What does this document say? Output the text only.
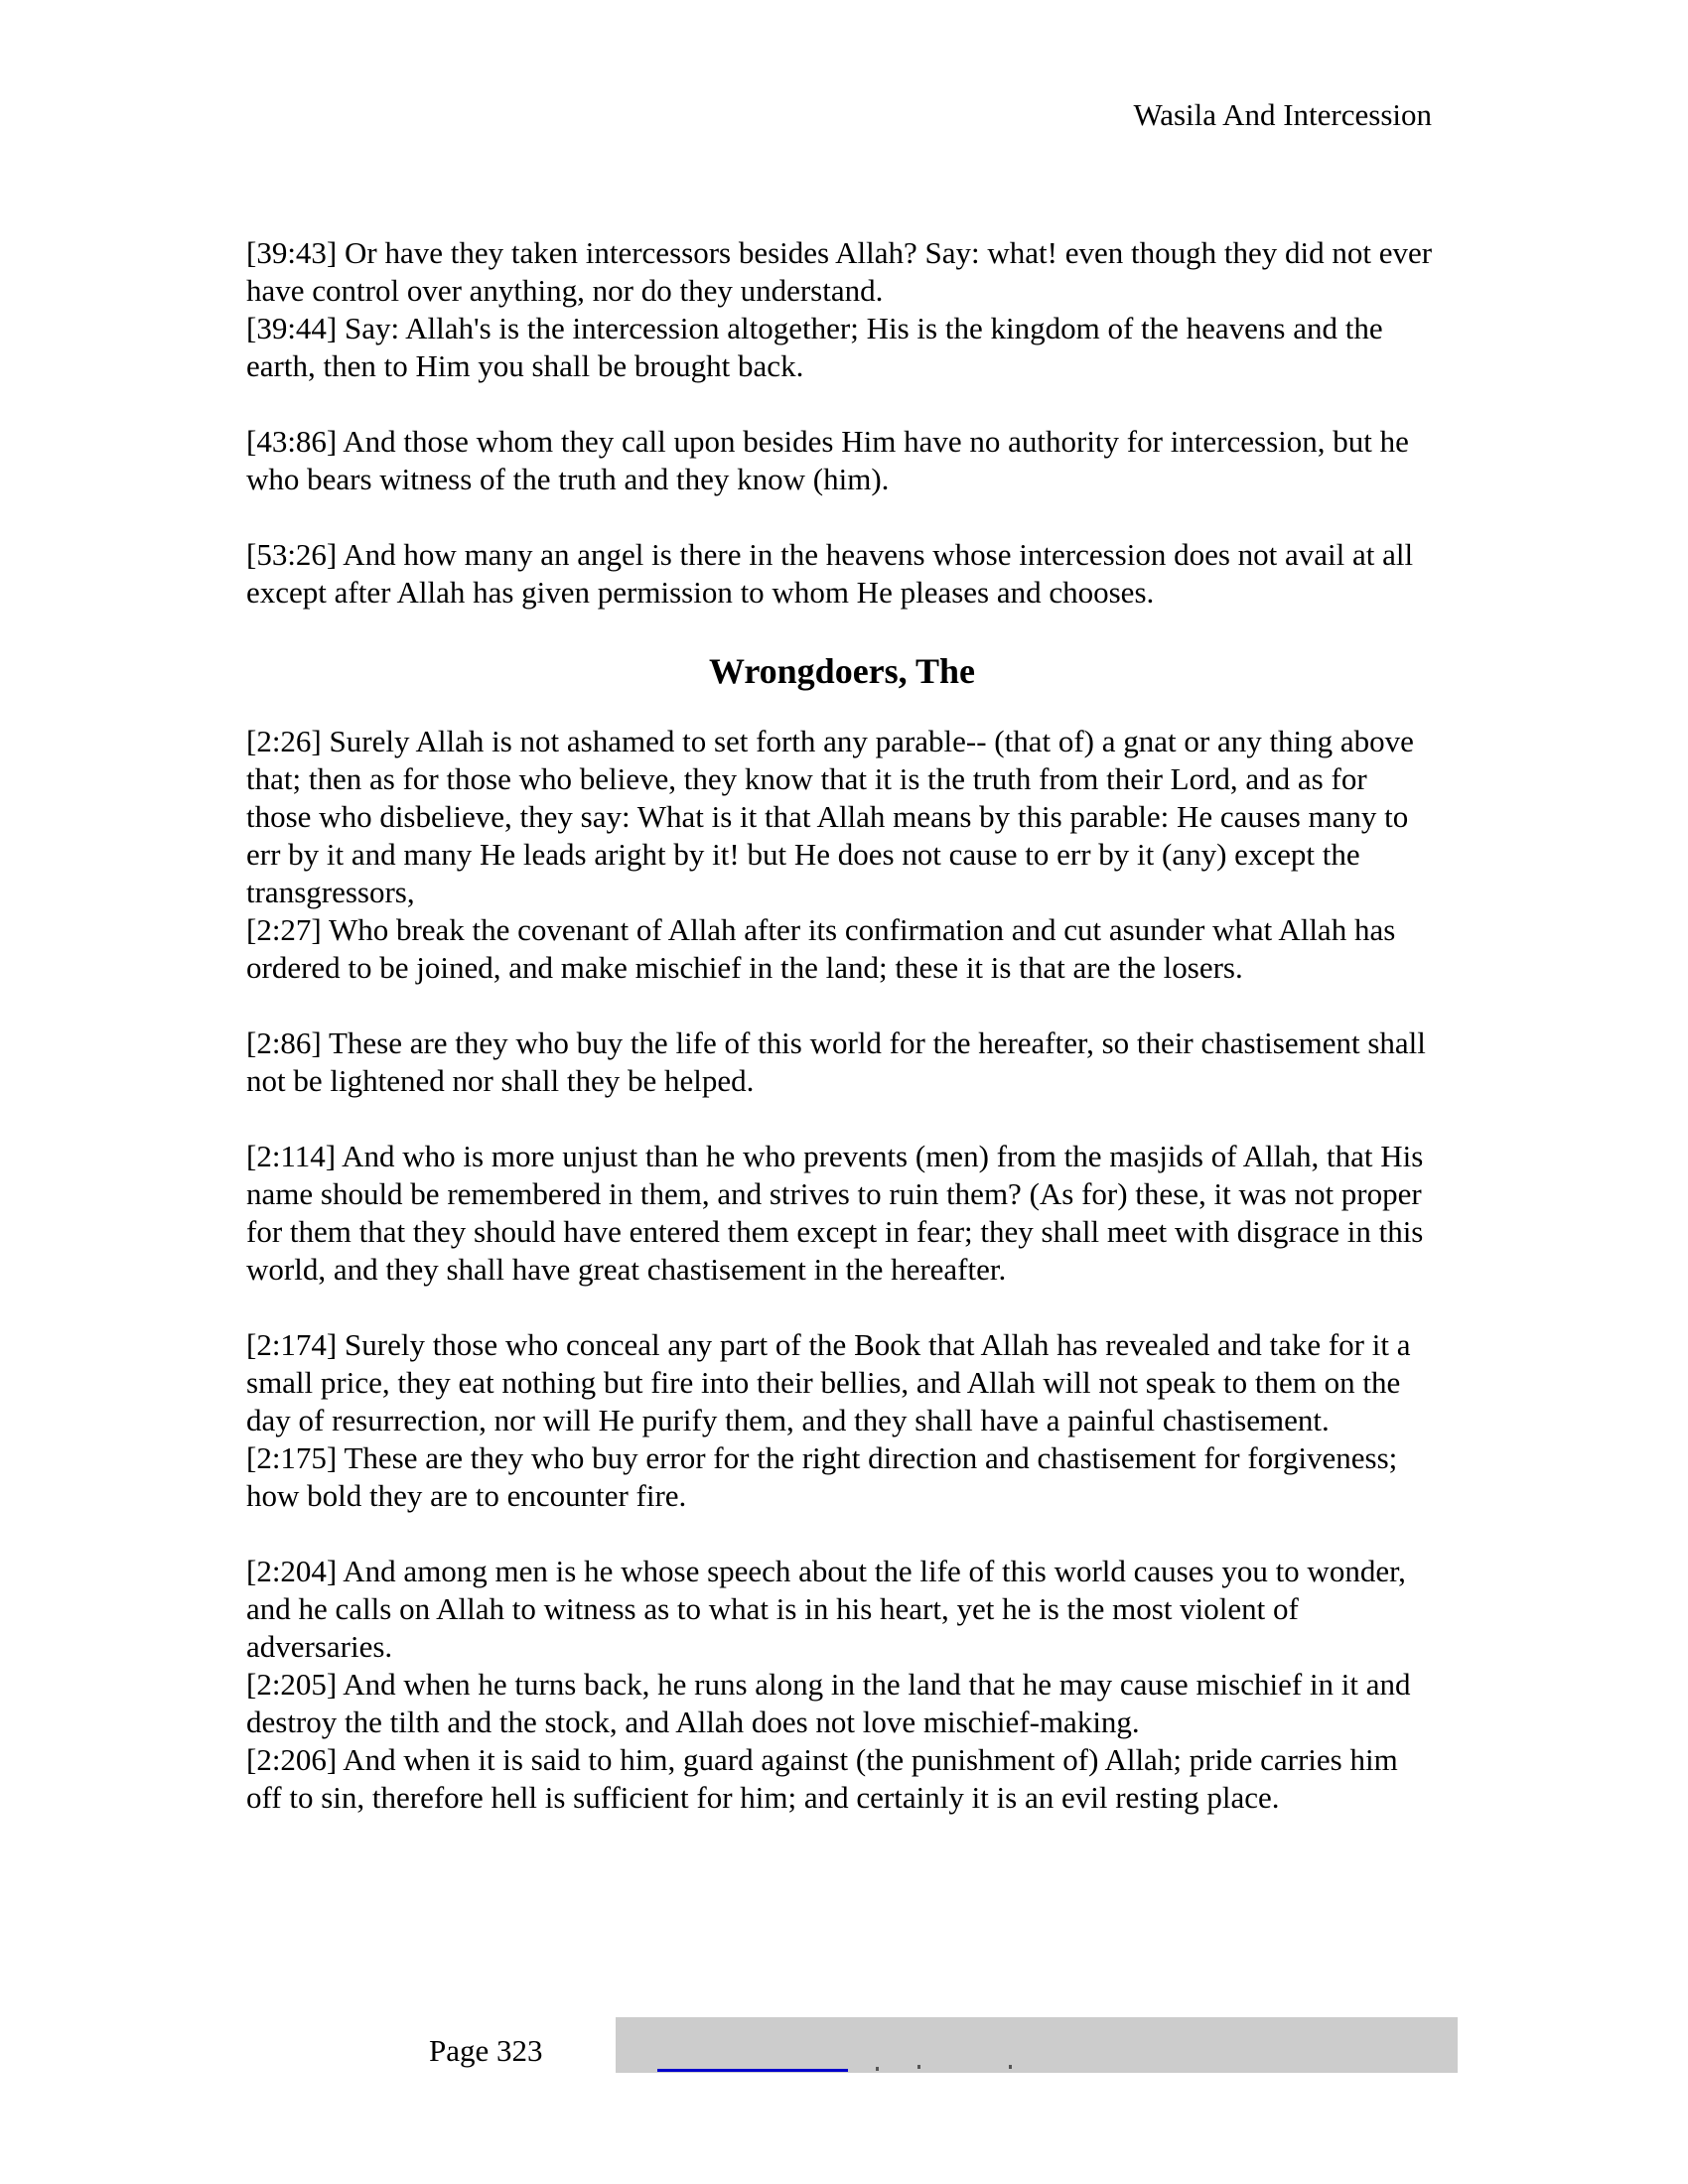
Wasila And Intercession

[39:43] Or have they taken intercessors besides Allah? Say: what! even though they did not ever have control over anything, nor do they understand.

[39:44] Say: Allah's is the intercession altogether; His is the kingdom of the heavens and the earth, then to Him you shall be brought back.

[43:86] And those whom they call upon besides Him have no authority for intercession, but he who bears witness of the truth and they know (him).

[53:26] And how many an angel is there in the heavens whose intercession does not avail at all except after Allah has given permission to whom He pleases and chooses.

Wrongdoers, The

[2:26] Surely Allah is not ashamed to set forth any parable-- (that of) a gnat or any thing above that; then as for those who believe, they know that it is the truth from their Lord, and as for those who disbelieve, they say: What is it that Allah means by this parable: He causes many to err by it and many He leads aright by it! but He does not cause to err by it (any) except the transgressors,

[2:27] Who break the covenant of Allah after its confirmation and cut asunder what Allah has ordered to be joined, and make mischief in the land; these it is that are the losers.

[2:86] These are they who buy the life of this world for the hereafter, so their chastisement shall not be lightened nor shall they be helped.

[2:114] And who is more unjust than he who prevents (men) from the masjids of Allah, that His name should be remembered in them, and strives to ruin them? (As for) these, it was not proper for them that they should have entered them except in fear; they shall meet with disgrace in this world, and they shall have great chastisement in the hereafter.

[2:174] Surely those who conceal any part of the Book that Allah has revealed and take for it a small price, they eat nothing but fire into their bellies, and Allah will not speak to them on the day of resurrection, nor will He purify them, and they shall have a painful chastisement.

[2:175] These are they who buy error for the right direction and chastisement for forgiveness; how bold they are to encounter fire.

[2:204] And among men is he whose speech about the life of this world causes you to wonder, and he calls on Allah to witness as to what is in his heart, yet he is the most violent of adversaries.

[2:205] And when he turns back, he runs along in the land that he may cause mischief in it and destroy the tilth and the stock, and Allah does not love mischief-making.

[2:206] And when it is said to him, guard against (the punishment of) Allah; pride carries him off to sin, therefore hell is sufficient for him; and certainly it is an evil resting place.

Page 323
